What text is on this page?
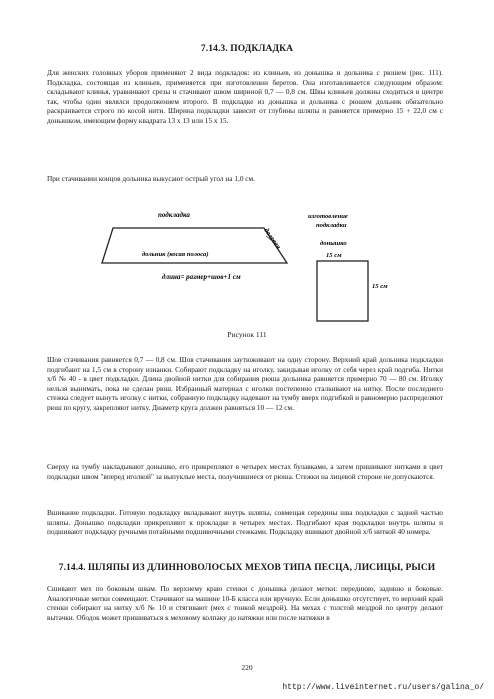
7.14.3. ПОДКЛАДКА

Для женских головных уборов применяют 2 вида подкладок: из клиньев, из донышка и дольника с рюшем (рис. 111). Подкладка, состоящая из клиньев, применяется при изготовлении беретов. Она изготавливается следующим образом: складывают клинья, уравнивают срезы и стачивают швом шириной 0,7 — 0,8 см. Швы клиньев должны сходиться в центре так, чтобы один являлся продолжением второго. В подкладке из донышка и дольника с рюшем дольник обязательно раскраивается строго по косой нити. Ширина подкладки зависит от глубины шляпы и равняется примерно 15 + 22,0 см с донышком, имеющим форму квадрата 13 х 13 или 15 х 15.

При стачивании концов дольника выкусают острый угол на 1,0 см.

подкладка
долевая
дольник (косая полоса)
длина= размер+шов+1 см
изготовление
подкладки
донышко
15 см
15 см
Рисунок 111

Шов стачивания равняется 0,7 — 0,8 см. Шов стачивания заутюживают на одну сторону. Верхний край дольника подкладки подгибают на 1,5 см в сторону изнанки. Собирают подкладку на иголку, закидывая иголку от себя через край подгиба. Нитки х/б № 40 - в цвет подкладки. Длина двойной нитки для собирания рюша дольника равняется примерно 70 — 80 см. Иголку нельзя вынимать, пока не сделан рюш. Избранный материал с иголки постепенно сталкивают на нитку. После последнего стежка следует вынуть иголку с нитки, собранную подкладку надевают на тумбу вверх подгибкой и равномерно распределяют рюш по кругу, закрепляют нитку. Диаметр круга должен равняться 10 — 12 см.

Сверху на тумбу накладывают донышко, его прикрепляют в четырех местах булавками, а затем пришивают нитками в цвет подкладки швом "вперед иголкой" за выпуклые места, получившиеся от рюша. Стежки на лицевой стороне не допускаются.

Вшивание подкладки. Готовую подкладку вкладывают внутрь шляпы, совмещая середины шва подкладки с задней частью шляпы. Донышко подкладки прикрепляют к прокладке в четырех местах. Подгибают края подкладки внутрь шляпы и подшивают подкладку ручными потайными подшивочными стежками. Подкладку вшивают двойной х/б ниткой 40 номера.

7.14.4. ШЛЯПЫ ИЗ ДЛИННОВОЛОСЫХ МЕХОВ ТИПА ПЕСЦА, ЛИСИЦЫ, РЫСИ

Сшивают мех по боковым швам. По верхнему краю стенки с донышка делают метки: переднюю, заднюю и боковые. Аналогичные метки совмещают. Стачивают на машине 10-Б класса или вручную. Если донышко отсутствует, то верхний край стенки собирают на нитку х/б № 10 и стягивают (мех с тонкой мездрой). На мехах с толстой мездрой по центру делают вытачки. Ободок может пришиваться к меховому колпаку до натяжки или после натяжки в

220
http://www.liveinternet.ru/users/galina_o/
